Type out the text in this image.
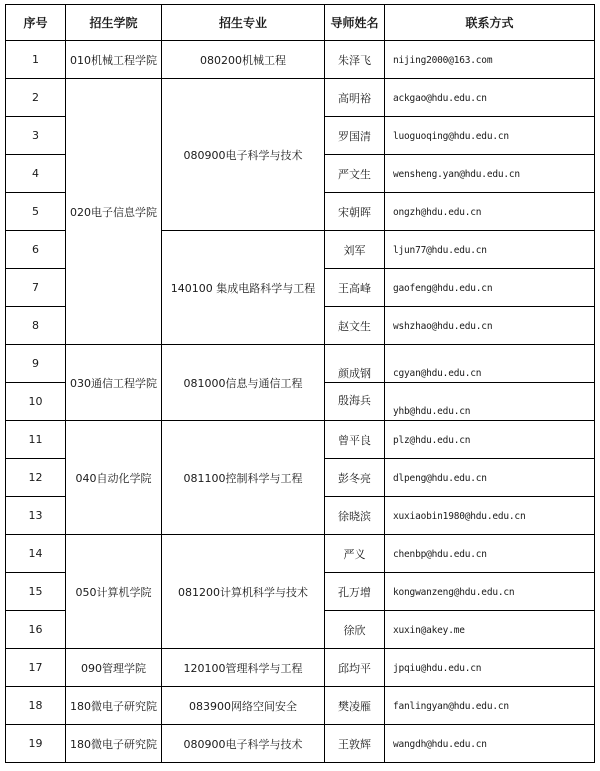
序号	招生学院	招生专业	导师姓名	联系方式
1	010机械工程学院	080200机械工程	朱泽飞	nijing2000@163.com
2	020电子信息学院	080900电子科学与技术	高明裕	ackgao@hdu.edu.cn
3			罗国清	luoguoqing@hdu.edu.cn
4			严文生	wensheng.yan@hdu.edu.cn
5			宋朝晖	ongzh@hdu.edu.cn
6		140100 集成电路科学与工程	刘军	ljun77@hdu.edu.cn
7			王高峰	gaofeng@hdu.edu.cn
8			赵文生	wshzhao@hdu.edu.cn
9	030通信工程学院	081000信息与通信工程	颜成钢	cgyan@hdu.edu.cn
10			殷海兵	yhb@hdu.edu.cn
11	040自动化学院	081100控制科学与工程	曾平良	plz@hdu.edu.cn
12			彭冬亮	dlpeng@hdu.edu.cn
13			徐晓滨	xuxiaobin1980@hdu.edu.cn
14	050计算机学院	081200计算机科学与技术	严义	chenbp@hdu.edu.cn
15			孔万增	kongwanzeng@hdu.edu.cn
16			徐欣	xuxin@akey.me
17	090管理学院	120100管理科学与工程	邱均平	jpqiu@hdu.edu.cn
18	180微电子研究院	083900网络空间安全	樊凌雁	fanlingyan@hdu.edu.cn
19	180微电子研究院	080900电子科学与技术	王敦辉	wangdh@hdu.edu.cn
